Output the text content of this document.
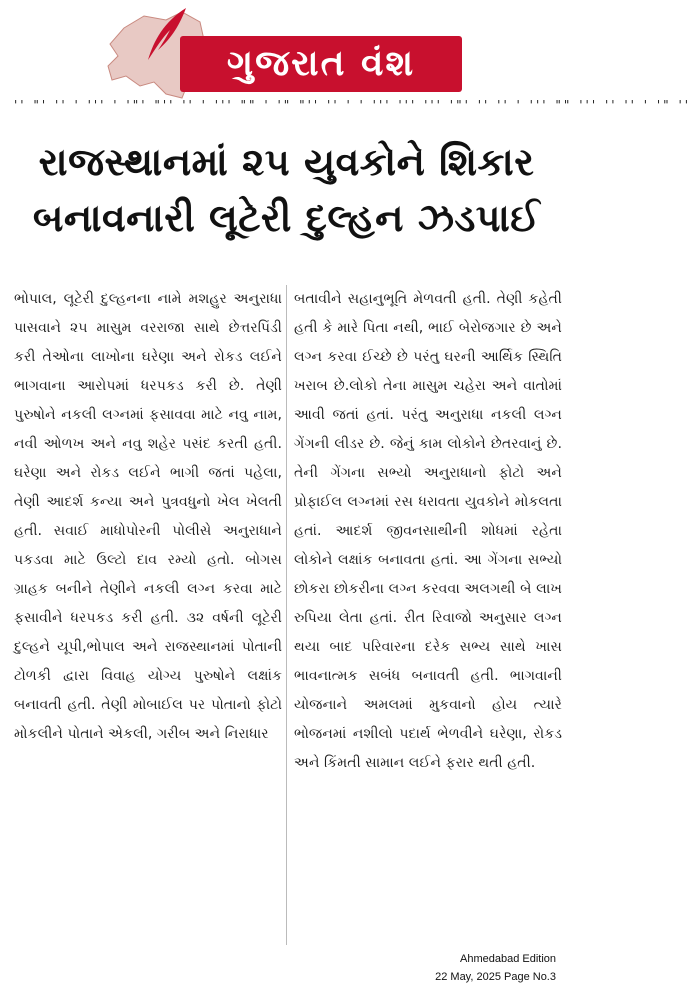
ગુજરાત વંશ
'' "' '' ' ''' ' '"' "'' '' ' ''' "" ' '" "'' '' ' ' ''' ''' ''' '"' '' '' ' ''' "" ''' '' '' ' '" ''
રાજસ્થાનમાં ૨૫ યુવકોને શિકાર બનાવનારી લૂટેરી દુલ્હન ઝડપાઈ
ભોપાલ, લૂટેરી દુલ્હનના નામે મશહુર અનુરાધા પાસવાને ૨૫ માસુમ વરરાજા સાથે છેત્તરપિંડી કરી તેઓના લાખોના ઘરેણા અને રોકડ લઈને ભાગવાના આરોપમાં ધરપકડ કરી છે. તેણી પુરુષોને નકલી લગ્નમાં ફસાવવા માટે નવુ નામ, નવી ઓળખ અને નવુ શહેર પસંદ કરતી હતી. ઘરેણા અને રોકડ લઈને ભાગી જતાં પહેલા, તેણી આદર્શ કન્યા અને પુત્રવધુનો ખેલ ખેલતી હતી. સવાઈ માધોપોરની પોલીસે અનુરાધાને પકડવા માટે ઉલ્ટો દાવ રમ્યો હતો. બોગસ ગ્રાહક બનીને તેણીને નકલી લગ્ન કરવા માટે ફસાવીને ધરપકડ કરી હતી. ૩૨ વર્ષની લૂટેરી દુલ્હને યૂપી,ભોપાલ અને રાજસ્થાનમાં પોતાની ટોળકી દ્વારા વિવાહ યોગ્ય પુરુષોને લક્ષાંક બનાવતી હતી. તેણી મોબાઈલ પર પોતાનો ફોટો મોકલીને પોતાને એકલી, ગરીબ અને નિરાધાર
બતાવીને સહાનુભૂતિ મેળવતી હતી. તેણી કહેતી હતી કે મારે પિતા નથી, ભાઈ બેરોજગાર છે અને લગ્ન કરવા ઈચ્છે છે પરંતુ ઘરની આર્થિક સ્થિતિ ખરાબ છે.લોકો તેના માસુમ ચહેરા અને વાતોમાં આવી જતાં હતાં. પરંતુ અનુરાધા નકલી લગ્ન ગેંગની લીડર છે. જેનું કામ લોકોને છેતરવાનું છે. તેની ગેંગના સભ્યો અનુરાધાનો ફોટો અને પ્રોફાઈલ લગ્નમાં રસ ધરાવતા યુવકોને મોકલતા હતાં. આદર્શ જીવનસાથીની શોધમાં રહેતા લોકોને લક્ષાંક બનાવતા હતાં. આ ગેંગના સભ્યો છોકરા છોકરીના લગ્ન કરવવા અલગથી બે લાખ રુપિયા લેતા હતાં. રીત રિવાજો અનુસાર લગ્ન થયા બાદ પરિવારના દરેક સભ્ય સાથે ખાસ ભાવનાત્મક સબંધ બનાવતી હતી. ભાગવાની યોજનાને અમલમાં મુકવાનો હોય ત્યારે ભોજનમાં નશીલો પદાર્થ ભેળવીને ઘરેણા, રોકડ અને કિંમતી સામાન લઈને ફરાર થતી હતી.
Ahmedabad Edition
22 May, 2025 Page No.3
